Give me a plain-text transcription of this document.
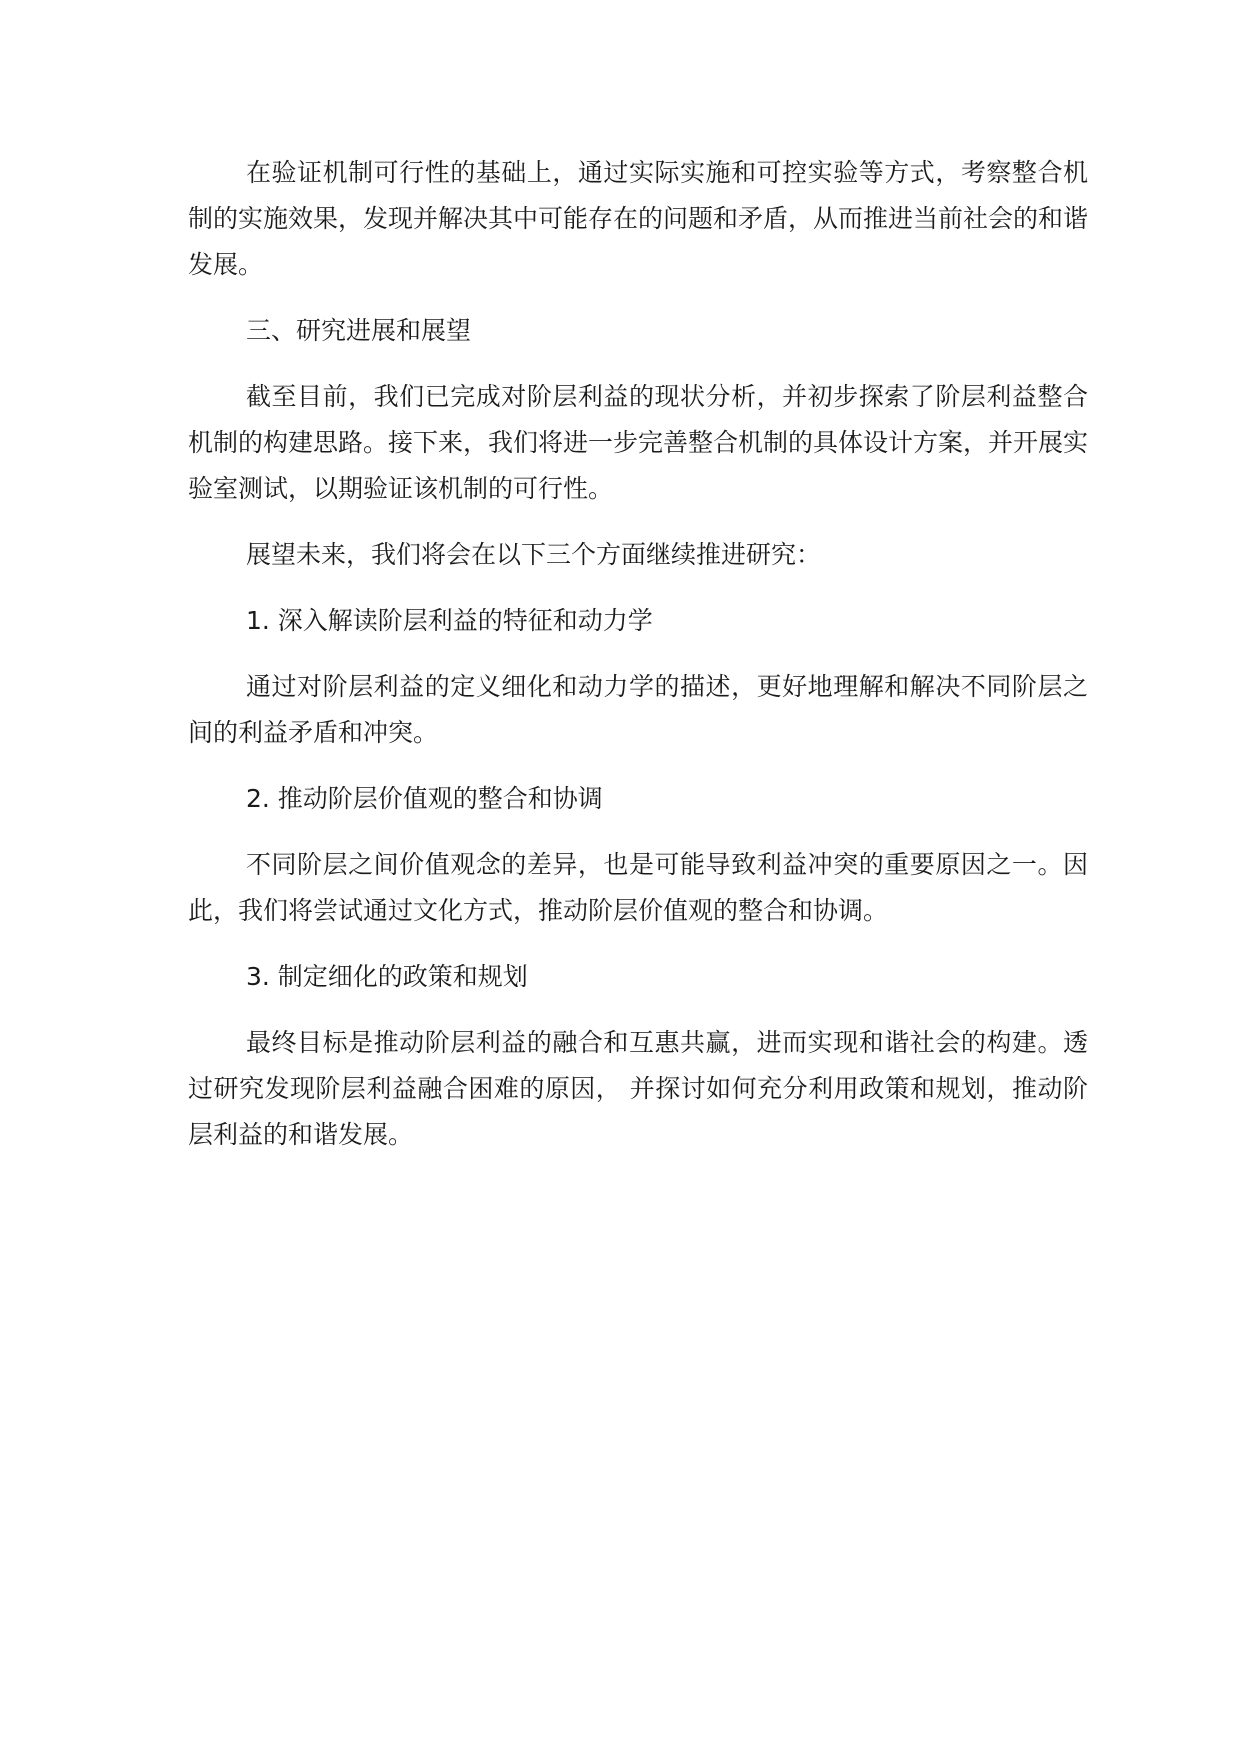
在验证机制可行性的基础上，通过实际实施和可控实验等方式，考察整合机制的实施效果，发现并解决其中可能存在的问题和矛盾，从而推进当前社会的和谐发展。

三、研究进展和展望

截至目前，我们已完成对阶层利益的现状分析，并初步探索了阶层利益整合机制的构建思路。接下来，我们将进一步完善整合机制的具体设计方案，并开展实验室测试，以期验证该机制的可行性。

展望未来，我们将会在以下三个方面继续推进研究：

1. 深入解读阶层利益的特征和动力学

通过对阶层利益的定义细化和动力学的描述，更好地理解和解决不同阶层之间的利益矛盾和冲突。

2. 推动阶层价值观的整合和协调

不同阶层之间价值观念的差异，也是可能导致利益冲突的重要原因之一。因此，我们将尝试通过文化方式，推动阶层价值观的整合和协调。

3. 制定细化的政策和规划

最终目标是推动阶层利益的融合和互惠共赢，进而实现和谐社会的构建。透过研究发现阶层利益融合困难的原因， 并探讨如何充分利用政策和规划，推动阶层利益的和谐发展。
